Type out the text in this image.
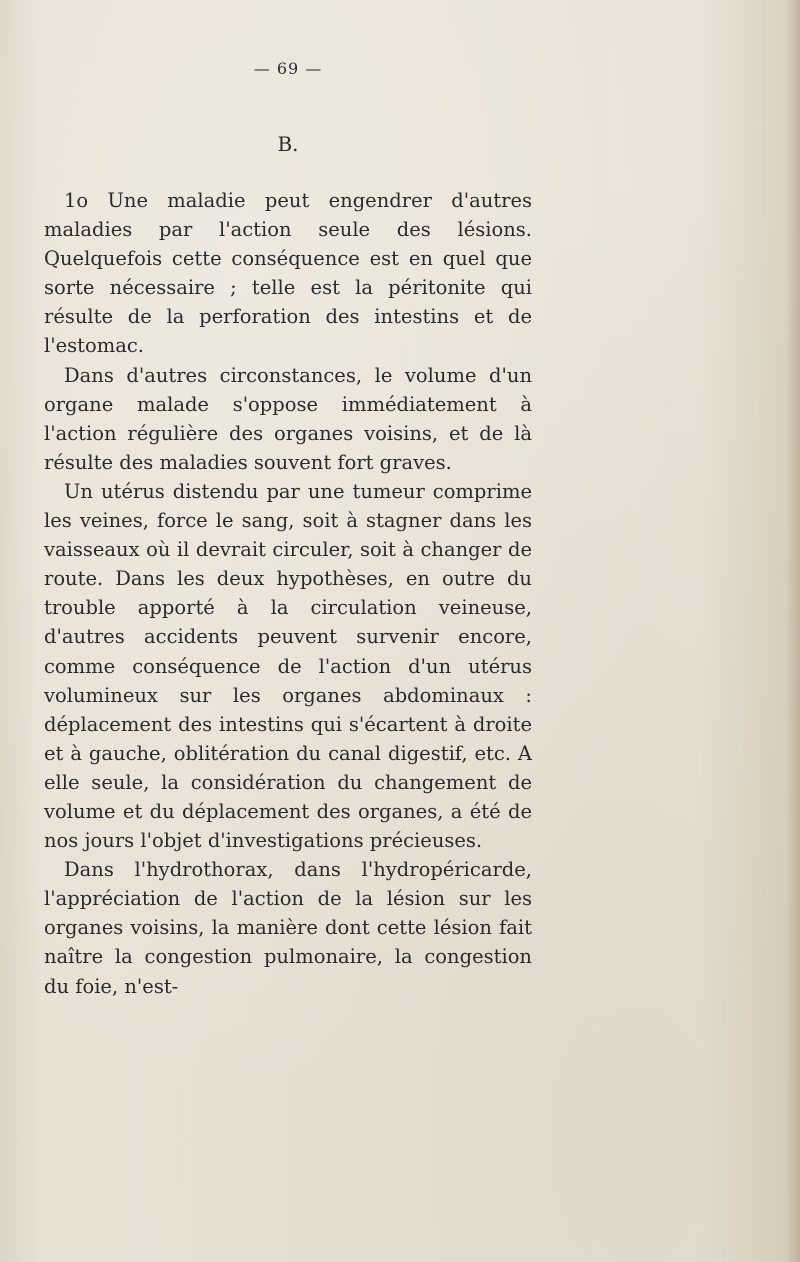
— 69 —

B.

1o Une maladie peut engendrer d'autres maladies par l'action seule des lésions. Quelquefois cette conséquence est en quel que sorte nécessaire ; telle est la péritonite qui résulte de la perforation des intestins et de l'estomac.

Dans d'autres circonstances, le volume d'un organe malade s'oppose immédiatement à l'action régulière des organes voisins, et de là résulte des maladies souvent fort graves.

Un utérus distendu par une tumeur comprime les veines, force le sang, soit à stagner dans les vaisseaux où il devrait circuler, soit à changer de route. Dans les deux hypothèses, en outre du trouble apporté à la circulation veineuse, d'autres accidents peuvent survenir encore, comme conséquence de l'action d'un utérus volumineux sur les organes abdominaux : déplacement des intestins qui s'écartent à droite et à gauche, oblitération du canal digestif, etc. A elle seule, la considération du changement de volume et du déplacement des organes, a été de nos jours l'objet d'investigations précieuses.

Dans l'hydrothorax, dans l'hydropéricarde, l'appréciation de l'action de la lésion sur les organes voisins, la manière dont cette lésion fait naître la congestion pulmonaire, la congestion du foie, n'est-
